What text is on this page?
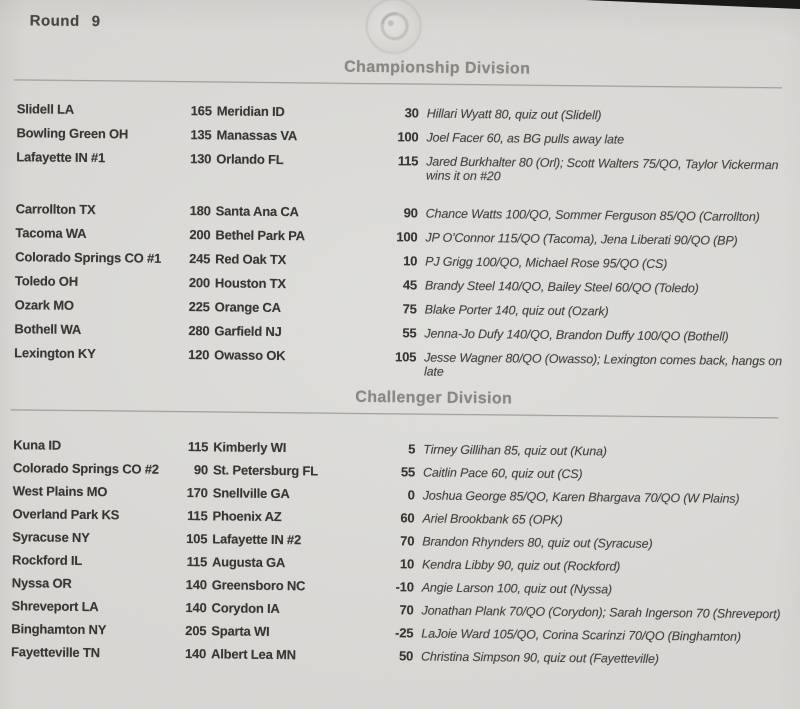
Round 9
Championship Division
Slidell LA	165 Meridian ID	30 Hillari Wyatt 80, quiz out (Slidell)
Bowling Green OH	135 Manassas VA	100 Joel Facer 60, as BG pulls away late
Lafayette IN #1	130 Orlando FL	115 Jared Burkhalter 80 (Orl); Scott Walters 75/QO, Taylor Vickerman wins it on #20
Carrollton TX	180 Santa Ana CA	90 Chance Watts 100/QO, Sommer Ferguson 85/QO (Carrollton)
Tacoma WA	200 Bethel Park PA	100 JP O'Connor 115/QO (Tacoma), Jena Liberati 90/QO (BP)
Colorado Springs CO #1	245 Red Oak TX	10 PJ Grigg 100/QO, Michael Rose 95/QO (CS)
Toledo OH	200 Houston TX	45 Brandy Steel 140/QO, Bailey Steel 60/QO (Toledo)
Ozark MO	225 Orange CA	75 Blake Porter 140, quiz out (Ozark)
Bothell WA	280 Garfield NJ	55 Jenna-Jo Dufy 140/QO, Brandon Duffy 100/QO (Bothell)
Lexington KY	120 Owasso OK	105 Jesse Wagner 80/QO (Owasso); Lexington comes back, hangs on late
Challenger Division
Kuna ID	115 Kimberly WI	5 Tirney Gillihan 85, quiz out (Kuna)
Colorado Springs CO #2	90 St. Petersburg FL	55 Caitlin Pace 60, quiz out (CS)
West Plains MO	170 Snellville GA	0 Joshua George 85/QO, Karen Bhargava 70/QO (W Plains)
Overland Park KS	115 Phoenix AZ	60 Ariel Brookbank 65 (OPK)
Syracuse NY	105 Lafayette IN #2	70 Brandon Rhynders 80, quiz out (Syracuse)
Rockford IL	115 Augusta GA	10 Kendra Libby 90, quiz out (Rockford)
Nyssa OR	140 Greensboro NC	-10 Angie Larson 100, quiz out (Nyssa)
Shreveport LA	140 Corydon IA	70 Jonathan Plank 70/QO (Corydon); Sarah Ingerson 70 (Shreveport)
Binghamton NY	205 Sparta WI	-25 LaJoie Ward 105/QO, Corina Scarinzi 70/QO (Binghamton)
Fayetteville TN	140 Albert Lea MN	50 Christina Simpson 90, quiz out (Fayetteville)
